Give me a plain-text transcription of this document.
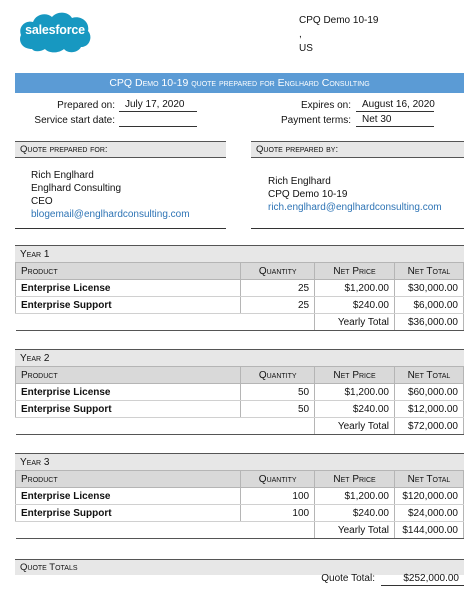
salesforce
CPQ Demo 10-19
,
US
CPQ Demo 10-19 quote prepared for Englhard Consulting
Prepared on:	July 17, 2020
Service start date:
Expires on:	August 16, 2020
Payment terms:	Net 30
Quote prepared for:
Rich Englhard
Englhard Consulting
CEO
blogemail@englhardconsulting.com
Quote prepared by:
Rich Englhard
CPQ Demo 10-19
rich.englhard@englhardconsulting.com
Year 1
Product	Quantity	Net Price	Net Total
Enterprise License	25	$1,200.00	$30,000.00
Enterprise Support	25	$240.00	$6,000.00
		Yearly Total	$36,000.00
Year 2
Product	Quantity	Net Price	Net Total
Enterprise License	50	$1,200.00	$60,000.00
Enterprise Support	50	$240.00	$12,000.00
		Yearly Total	$72,000.00
Year 3
Product	Quantity	Net Price	Net Total
Enterprise License	100	$1,200.00	$120,000.00
Enterprise Support	100	$240.00	$24,000.00
		Yearly Total	$144,000.00
Quote Totals
Quote Total:	$252,000.00
